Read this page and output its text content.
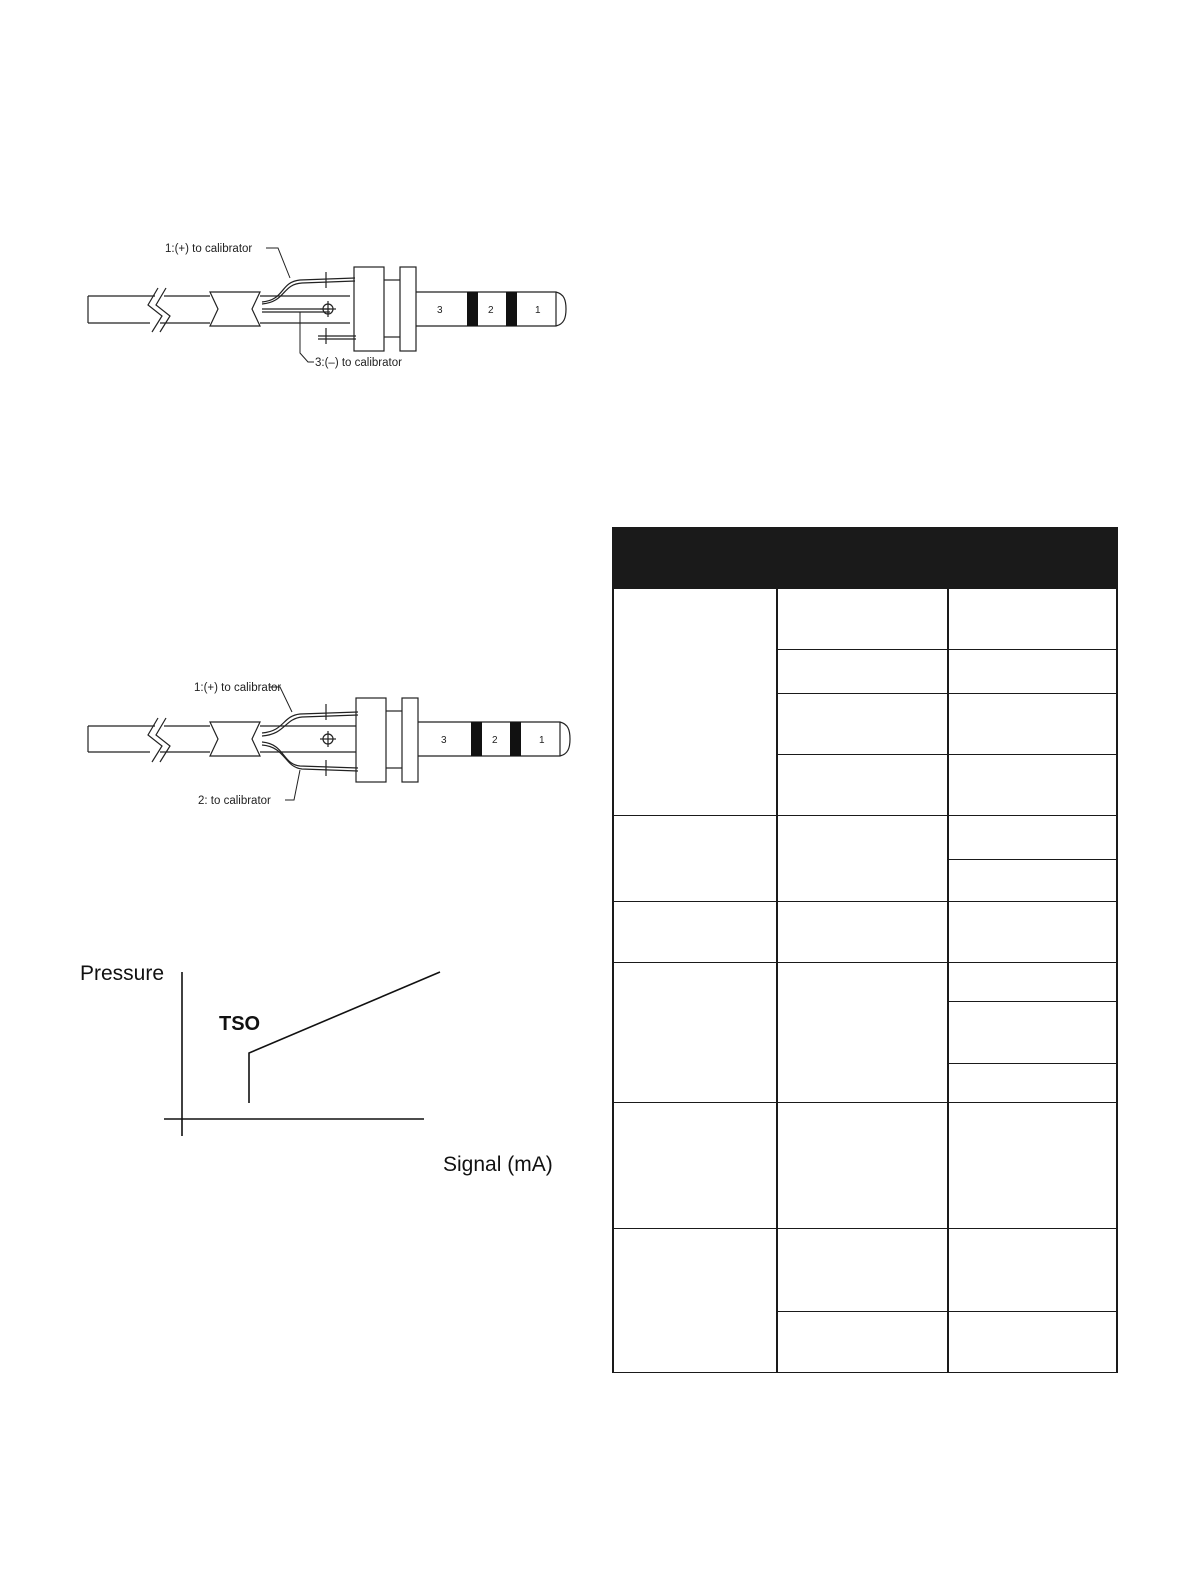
1:(+) to calibrator
3:(–) to calibrator
3	2	1
1:(+) to calibrator
2: to calibrator
3	2	1
Pressure
Signal (mA)
TSO
